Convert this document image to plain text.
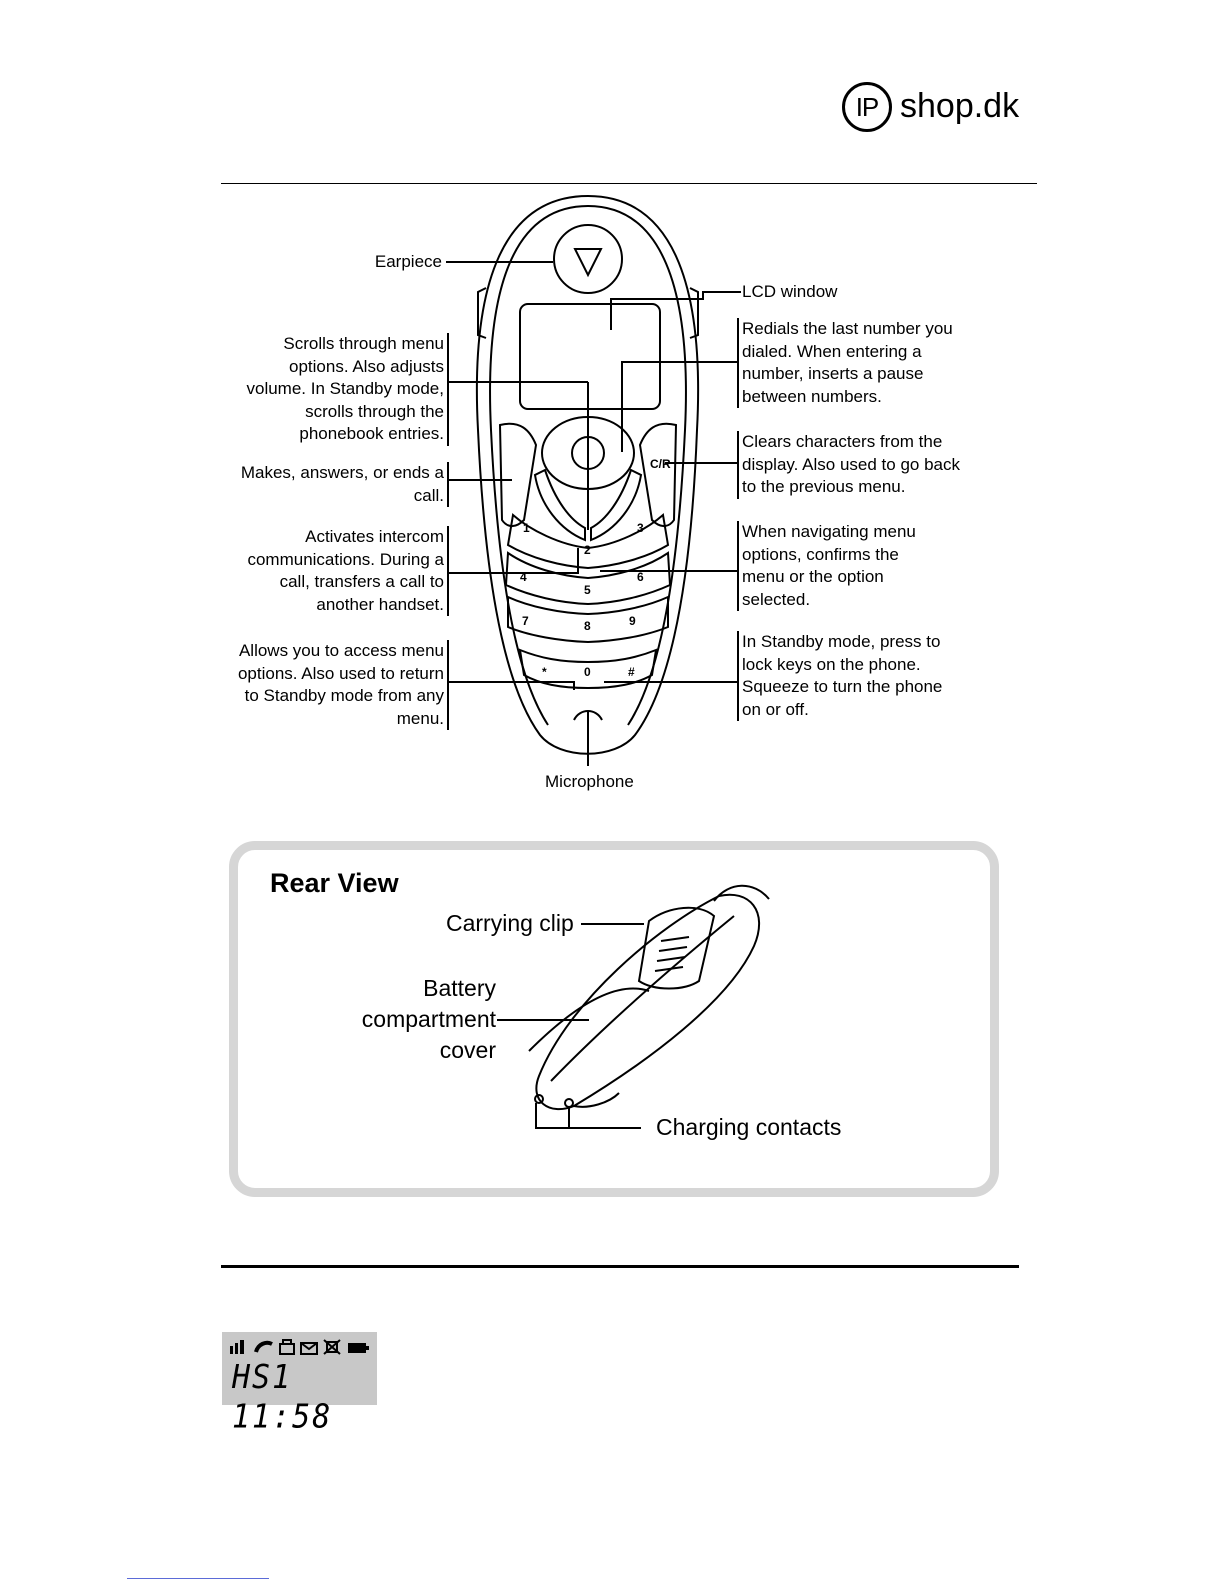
IP shop.dk
1	3
2
4
5
6
7	8	9
*	0	#
C/R
Earpiece
Scrolls through menu options. Also adjusts volume. In Standby mode, scrolls through the phonebook entries.
Makes, answers, or ends a call.
Activates intercom communications. During a call, transfers a call to another handset.
Allows you to access menu options. Also used to return to Standby mode from any menu.
LCD window
Redials the last number you dialed. When entering a number, inserts a pause between numbers.
Clears characters from the display. Also used to go back to the previous menu.
When navigating menu options, confirms the menu or the option selected.
In Standby mode, press to lock keys on the phone. Squeeze to turn the phone on or off.
Microphone
Rear View
Carrying clip
Battery compartment cover
Charging contacts
HS1 11:58
